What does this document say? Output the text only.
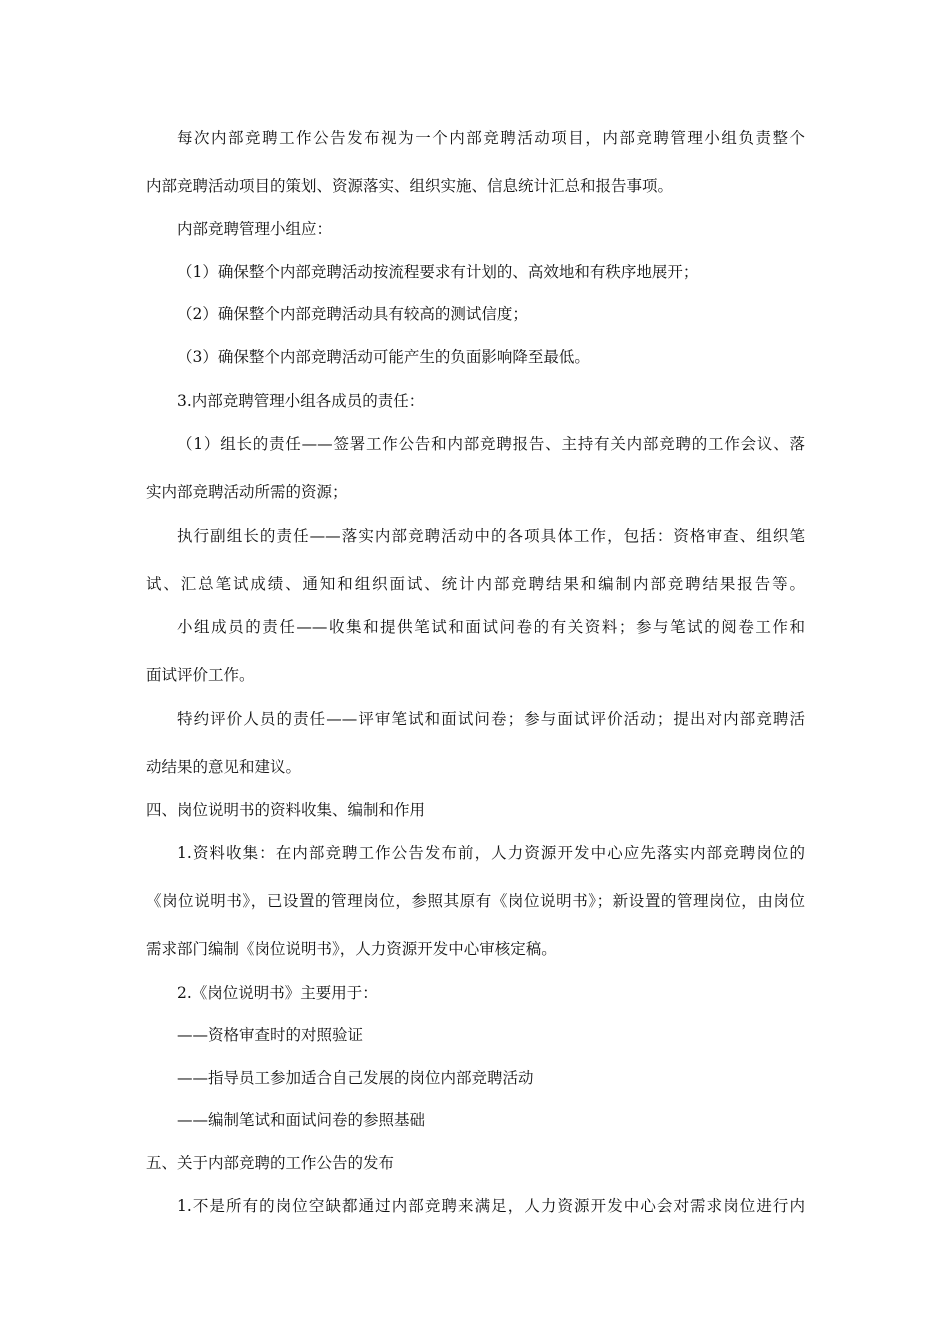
每次内部竞聘工作公告发布视为一个内部竞聘活动项目，内部竞聘管理小组负责整个
内部竞聘活动项目的策划、资源落实、组织实施、信息统计汇总和报告事项。
内部竞聘管理小组应：
（1）确保整个内部竞聘活动按流程要求有计划的、高效地和有秩序地展开；
（2）确保整个内部竞聘活动具有较高的测试信度；
（3）确保整个内部竞聘活动可能产生的负面影响降至最低。
3.内部竞聘管理小组各成员的责任：
（1）组长的责任——签署工作公告和内部竞聘报告、主持有关内部竞聘的工作会议、落
实内部竞聘活动所需的资源；
执行副组长的责任——落实内部竞聘活动中的各项具体工作，包括：资格审查、组织笔
试、汇总笔试成绩、通知和组织面试、统计内部竞聘结果和编制内部竞聘结果报告等。
小组成员的责任——收集和提供笔试和面试问卷的有关资料；参与笔试的阅卷工作和
面试评价工作。
特约评价人员的责任——评审笔试和面试问卷；参与面试评价活动；提出对内部竞聘活
动结果的意见和建议。
四、岗位说明书的资料收集、编制和作用
1.资料收集：在内部竞聘工作公告发布前，人力资源开发中心应先落实内部竞聘岗位的
《岗位说明书》，已设置的管理岗位，参照其原有《岗位说明书》；新设置的管理岗位，由岗位
需求部门编制《岗位说明书》，人力资源开发中心审核定稿。
2.《岗位说明书》主要用于：
——资格审查时的对照验证
——指导员工参加适合自己发展的岗位内部竞聘活动
——编制笔试和面试问卷的参照基础
五、关于内部竞聘的工作公告的发布
1.不是所有的岗位空缺都通过内部竞聘来满足，人力资源开发中心会对需求岗位进行内
